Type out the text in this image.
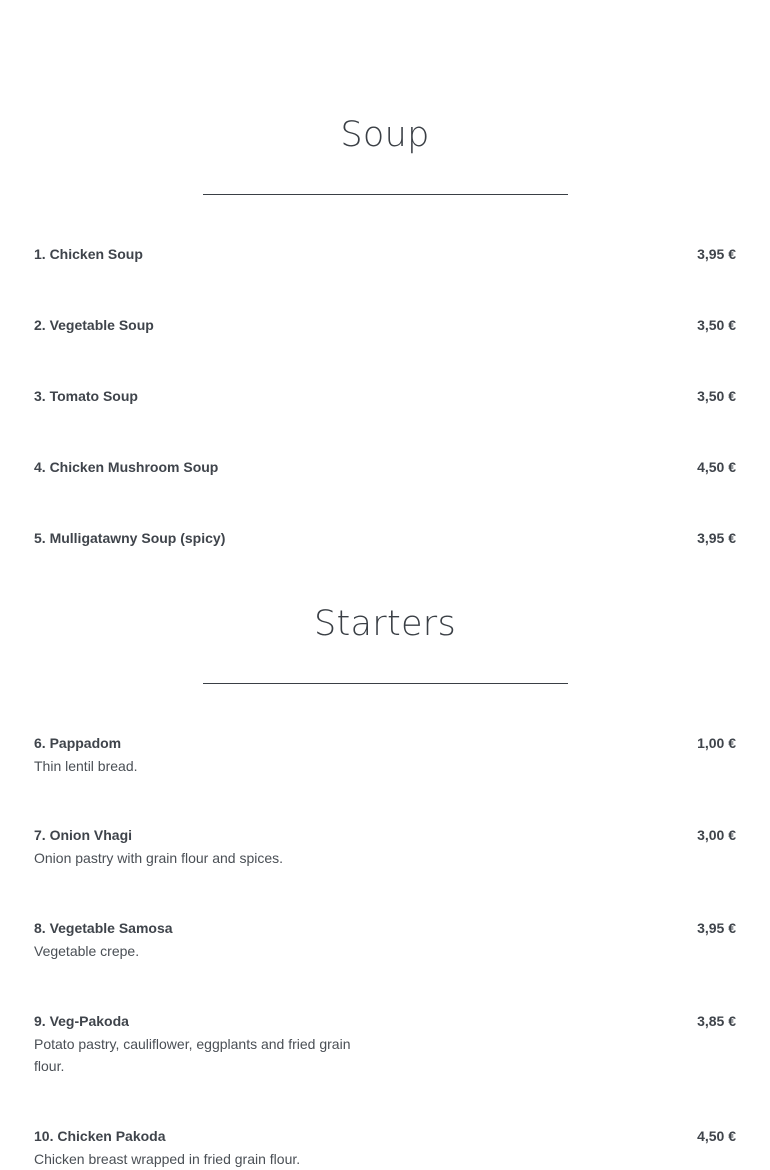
Soup
1. Chicken Soup	3,95 €
2. Vegetable Soup	3,50 €
3. Tomato Soup	3,50 €
4. Chicken Mushroom Soup	4,50 €
5. Mulligatawny Soup (spicy)	3,95 €
Starters
6. Pappadom	1,00 €
Thin lentil bread.
7. Onion Vhagi	3,00 €
Onion pastry with grain flour and spices.
8. Vegetable Samosa	3,95 €
Vegetable crepe.
9. Veg-Pakoda	3,85 €
Potato pastry, cauliflower, eggplants and fried grain flour.
10. Chicken Pakoda	4,50 €
Chicken breast wrapped in fried grain flour.
